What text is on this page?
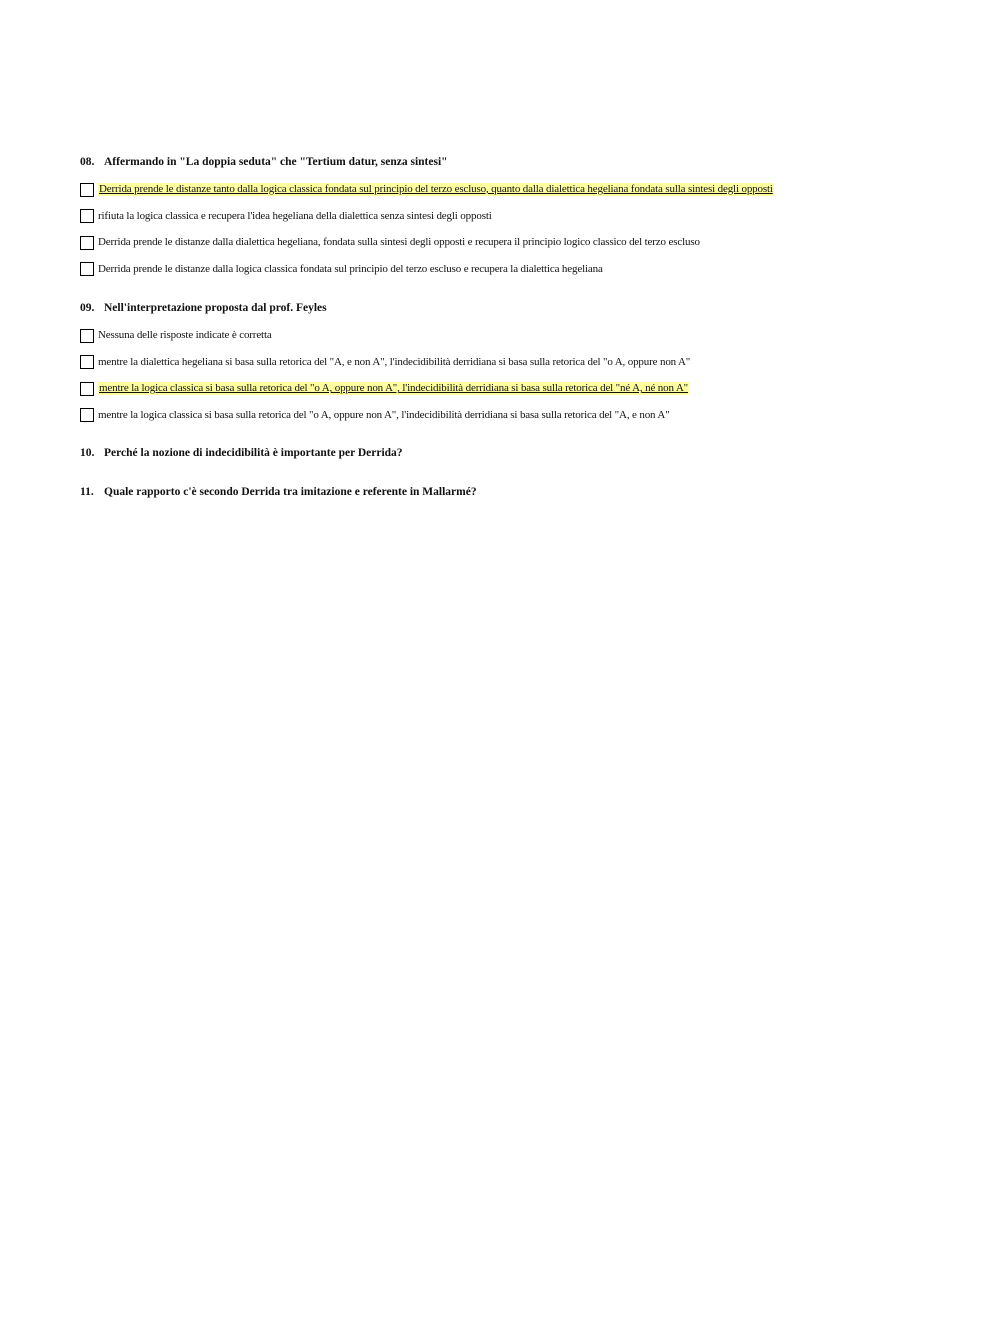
08. Affermando in "La doppia seduta" che "Tertium datur, senza sintesi"

Derrida prende le distanze tanto dalla logica classica fondata sul principio del terzo escluso, quanto dalla dialettica hegeliana fondata sulla sintesi degli opposti
rifiuta la logica classica e recupera l'idea hegeliana della dialettica senza sintesi degli opposti
Derrida prende le distanze dalla dialettica hegeliana, fondata sulla sintesi degli opposti e recupera il principio logico classico del terzo escluso
Derrida prende le distanze dalla logica classica fondata sul principio del terzo escluso e recupera la dialettica hegeliana

09. Nell'interpretazione proposta dal prof. Feyles

Nessuna delle risposte indicate è corretta
mentre la dialettica hegeliana si basa sulla retorica del "A, e non A", l'indecidibilità derridiana si basa sulla retorica del "o A, oppure non A"
mentre la logica classica si basa sulla retorica del "o A, oppure non A", l'indecidibilità derridiana si basa sulla retorica del "né A, né non A"
mentre la logica classica si basa sulla retorica del "o A, oppure non A", l'indecidibilità derridiana si basa sulla retorica del "A, e non A"

10. Perché la nozione di indecidibilità è importante per Derrida?

11. Quale rapporto c'è secondo Derrida tra imitazione e referente in Mallarmé?
